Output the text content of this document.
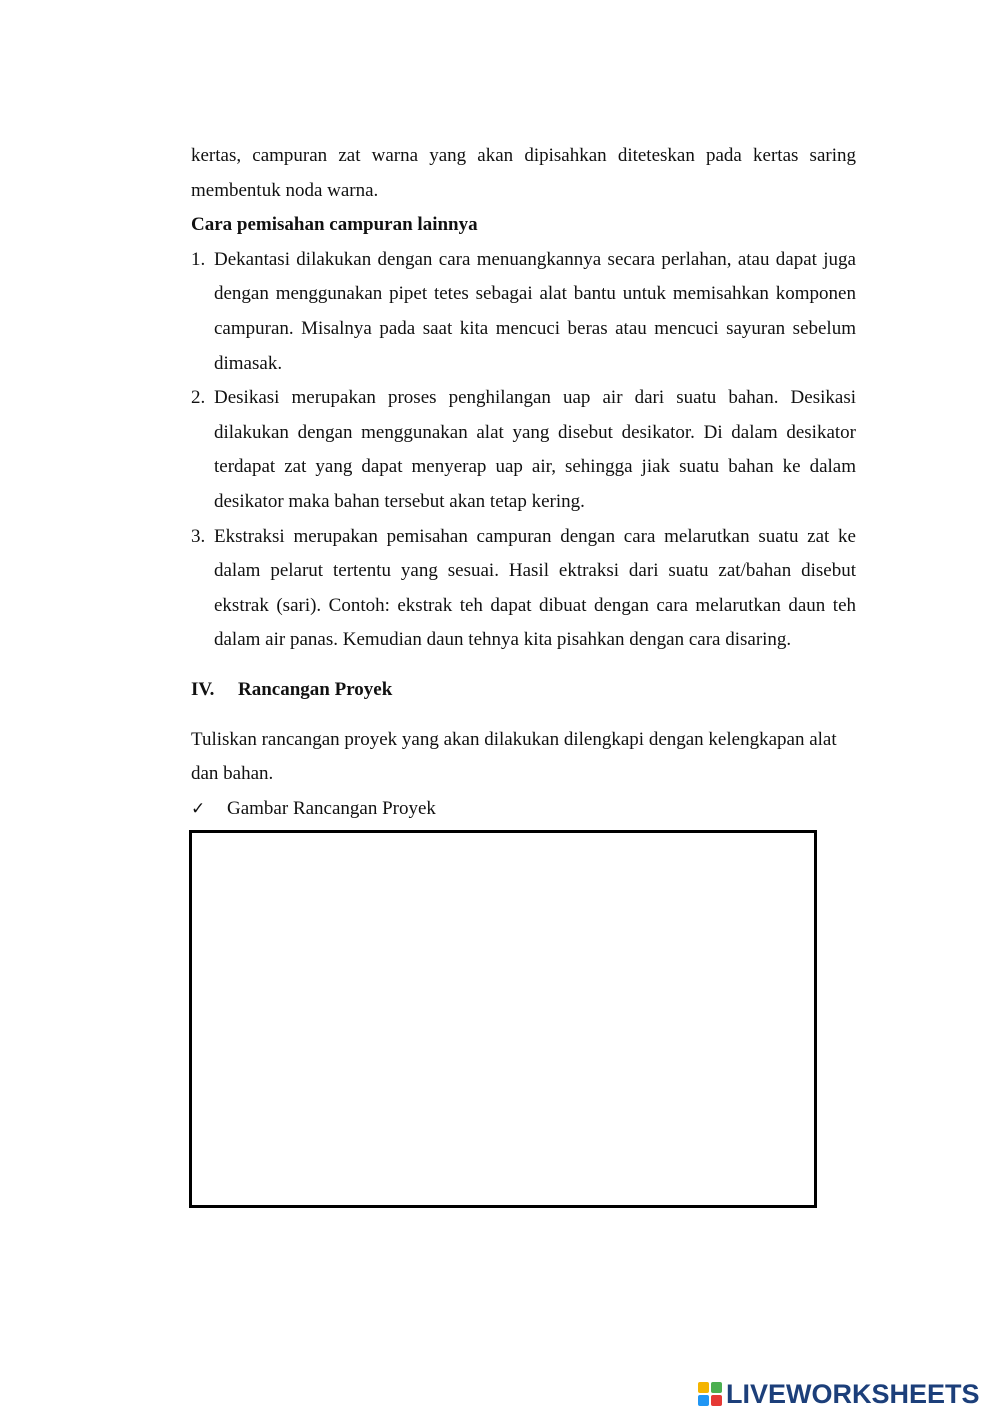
kertas, campuran zat warna yang akan dipisahkan diteteskan pada kertas saring membentuk noda warna.

Cara pemisahan campuran lainnya

1. Dekantasi dilakukan dengan cara menuangkannya secara perlahan, atau dapat juga dengan menggunakan pipet tetes sebagai alat bantu untuk memisahkan komponen campuran. Misalnya pada saat kita mencuci beras atau mencuci sayuran sebelum dimasak.
2. Desikasi merupakan proses penghilangan uap air dari suatu bahan. Desikasi dilakukan dengan menggunakan alat yang disebut desikator. Di dalam desikator terdapat zat yang dapat menyerap uap air, sehingga jiak suatu bahan ke dalam desikator maka bahan tersebut akan tetap kering.
3. Ekstraksi merupakan pemisahan campuran dengan cara melarutkan suatu zat ke dalam pelarut tertentu yang sesuai. Hasil ektraksi dari suatu zat/bahan disebut ekstrak (sari). Contoh: ekstrak teh dapat dibuat dengan cara melarutkan daun teh dalam air panas. Kemudian daun tehnya kita pisahkan dengan cara disaring.
IV.	Rancangan Proyek

Tuliskan rancangan proyek yang akan dilakukan dilengkapi dengan kelengkapan alat dan bahan.

✓	Gambar Rancangan Proyek
LIVEWORKSHEETS
